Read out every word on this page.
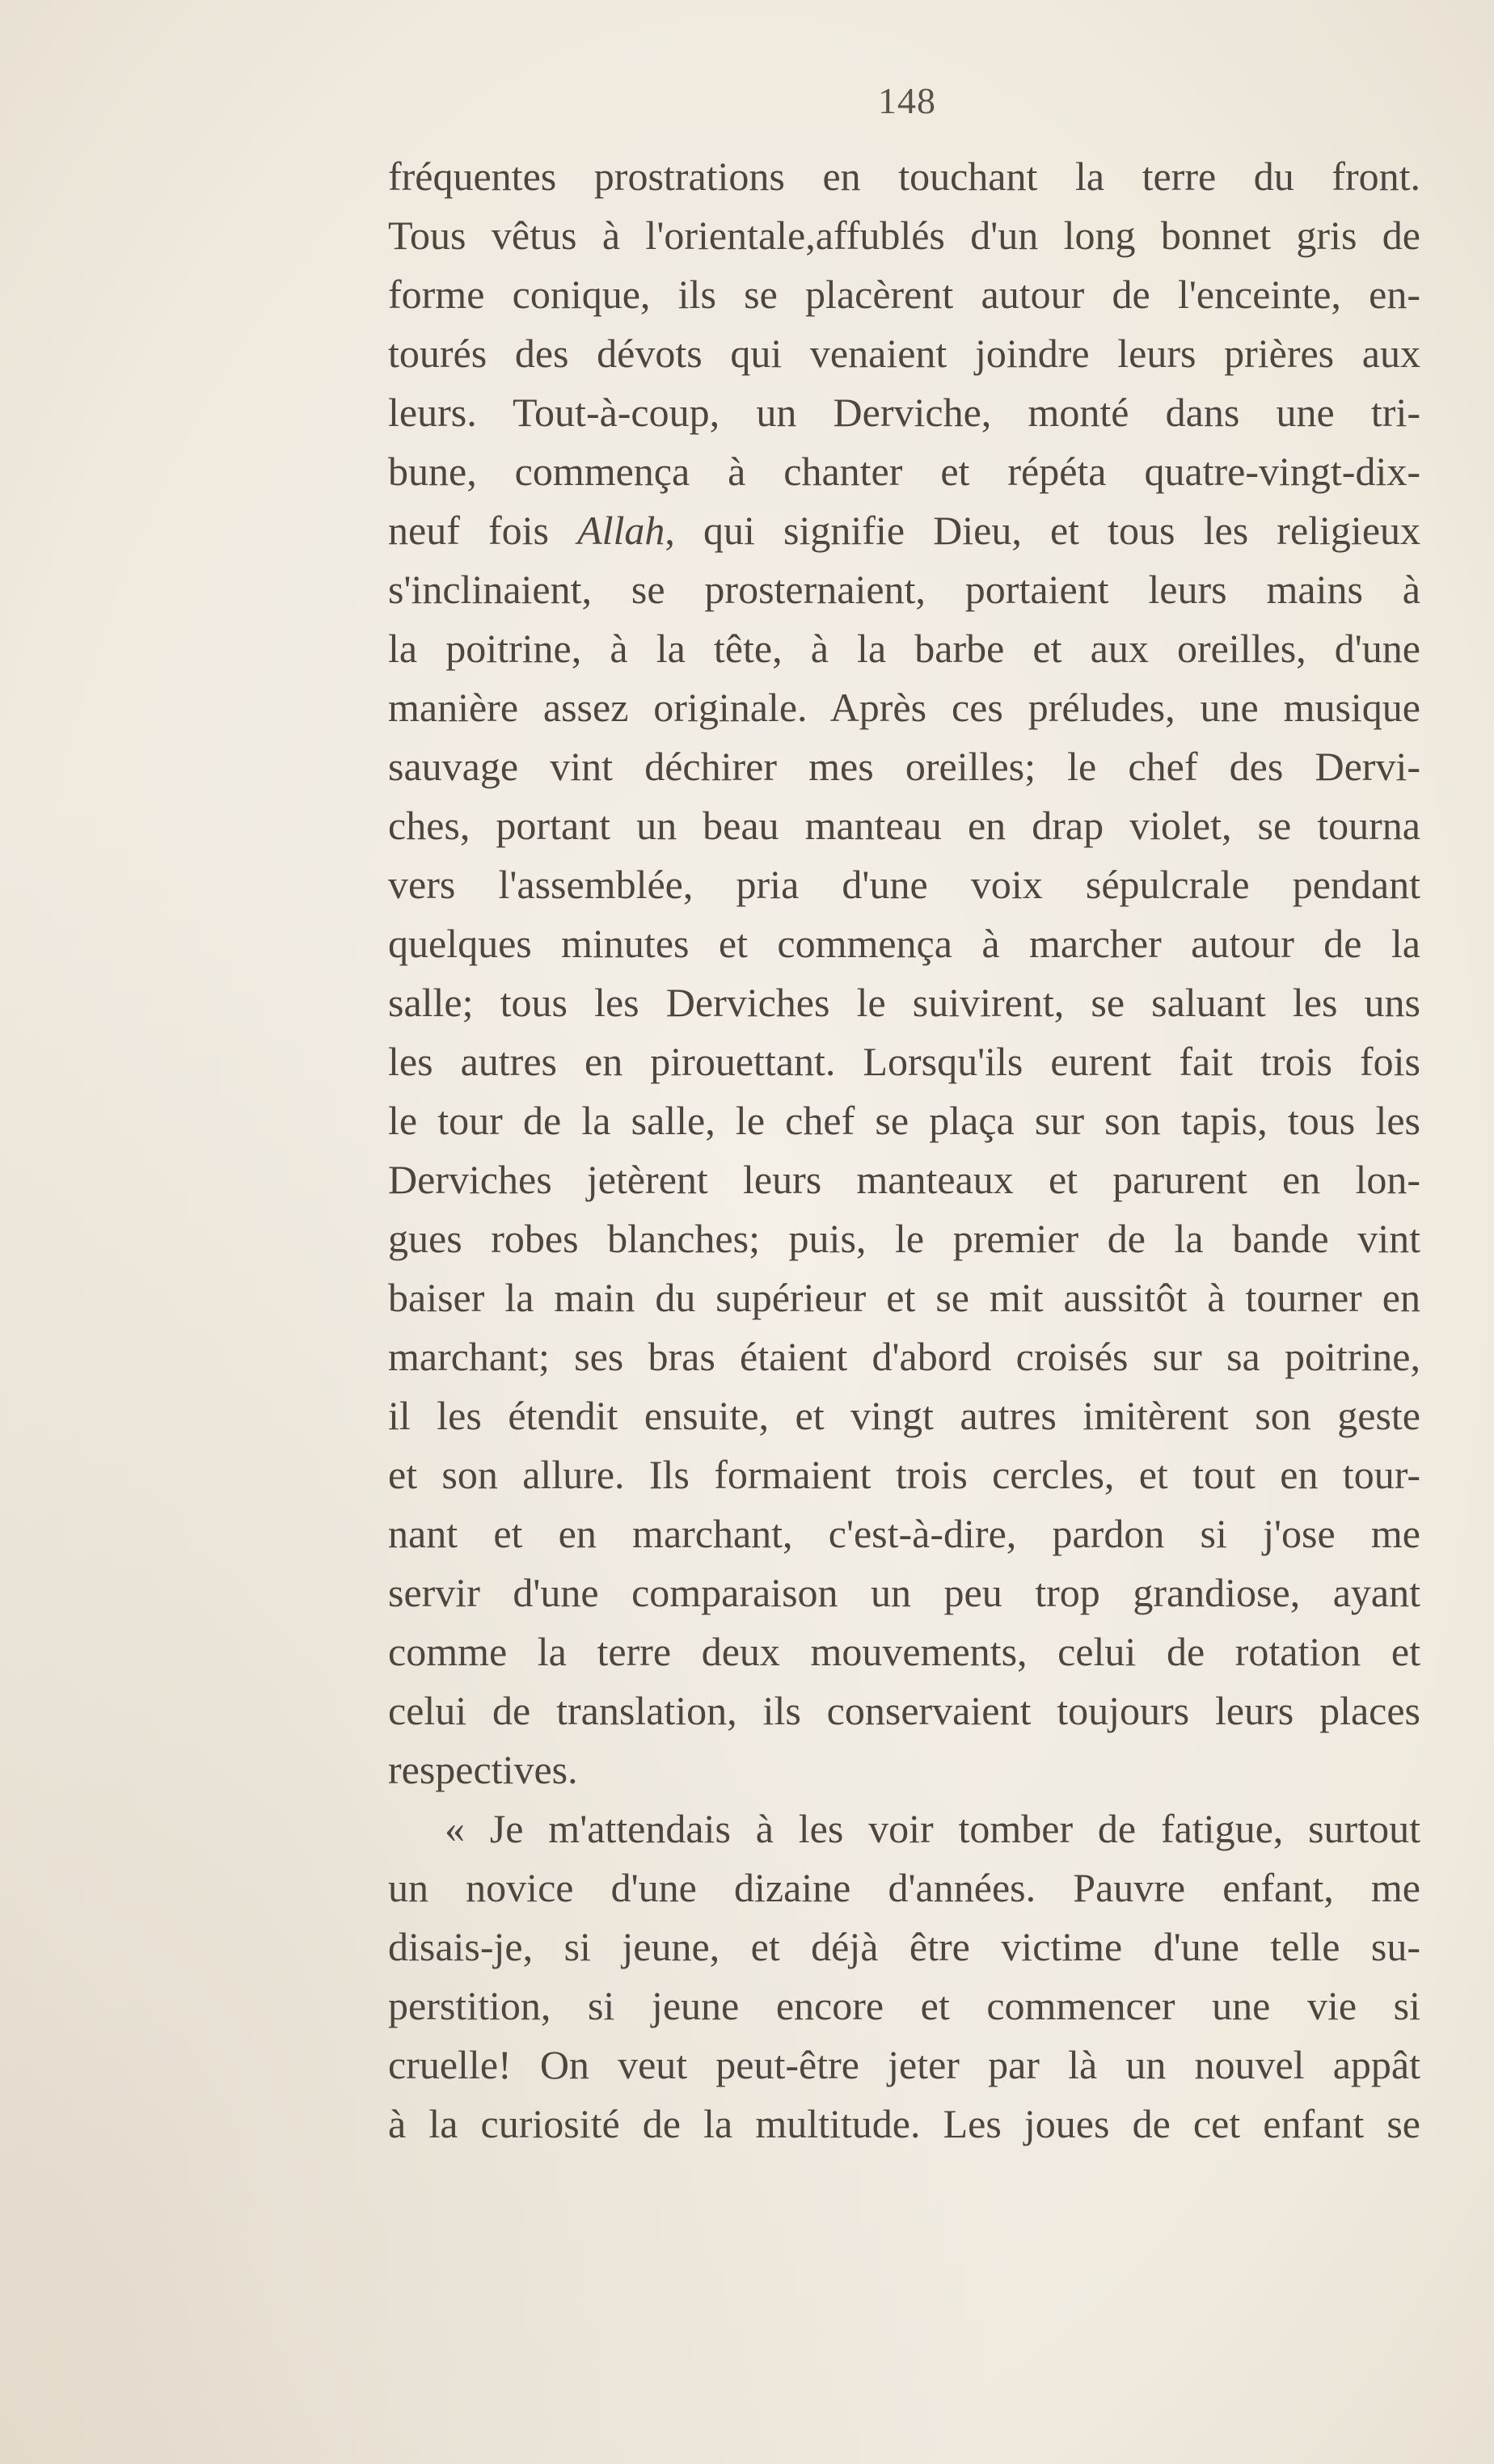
148
fréquentes prostrations en touchant la terre du front.
Tous vêtus à l'orientale,affublés d'un long bonnet gris de
forme conique, ils se placèrent autour de l'enceinte, en-
tourés des dévots qui venaient joindre leurs prières aux
leurs. Tout-à-coup, un Derviche, monté dans une tri-
bune, commença à chanter et répéta quatre-vingt-dix-
neuf fois Allah, qui signifie Dieu, et tous les religieux
s'inclinaient, se prosternaient, portaient leurs mains à
la poitrine, à la tête, à la barbe et aux oreilles, d'une
manière assez originale. Après ces préludes, une musique
sauvage vint déchirer mes oreilles; le chef des Dervi-
ches, portant un beau manteau en drap violet, se tourna
vers l'assemblée, pria d'une voix sépulcrale pendant
quelques minutes et commença à marcher autour de la
salle; tous les Derviches le suivirent, se saluant les uns
les autres en pirouettant. Lorsqu'ils eurent fait trois fois
le tour de la salle, le chef se plaça sur son tapis, tous les
Derviches jetèrent leurs manteaux et parurent en lon-
gues robes blanches; puis, le premier de la bande vint
baiser la main du supérieur et se mit aussitôt à tourner en
marchant; ses bras étaient d'abord croisés sur sa poitrine,
il les étendit ensuite, et vingt autres imitèrent son geste
et son allure. Ils formaient trois cercles, et tout en tour-
nant et en marchant, c'est-à-dire, pardon si j'ose me
servir d'une comparaison un peu trop grandiose, ayant
comme la terre deux mouvements, celui de rotation et
celui de translation, ils conservaient toujours leurs places
respectives.
« Je m'attendais à les voir tomber de fatigue, surtout
un novice d'une dizaine d'années. Pauvre enfant, me
disais-je, si jeune, et déjà être victime d'une telle su-
perstition, si jeune encore et commencer une vie si
cruelle! On veut peut-être jeter par là un nouvel appât
à la curiosité de la multitude. Les joues de cet enfant se
